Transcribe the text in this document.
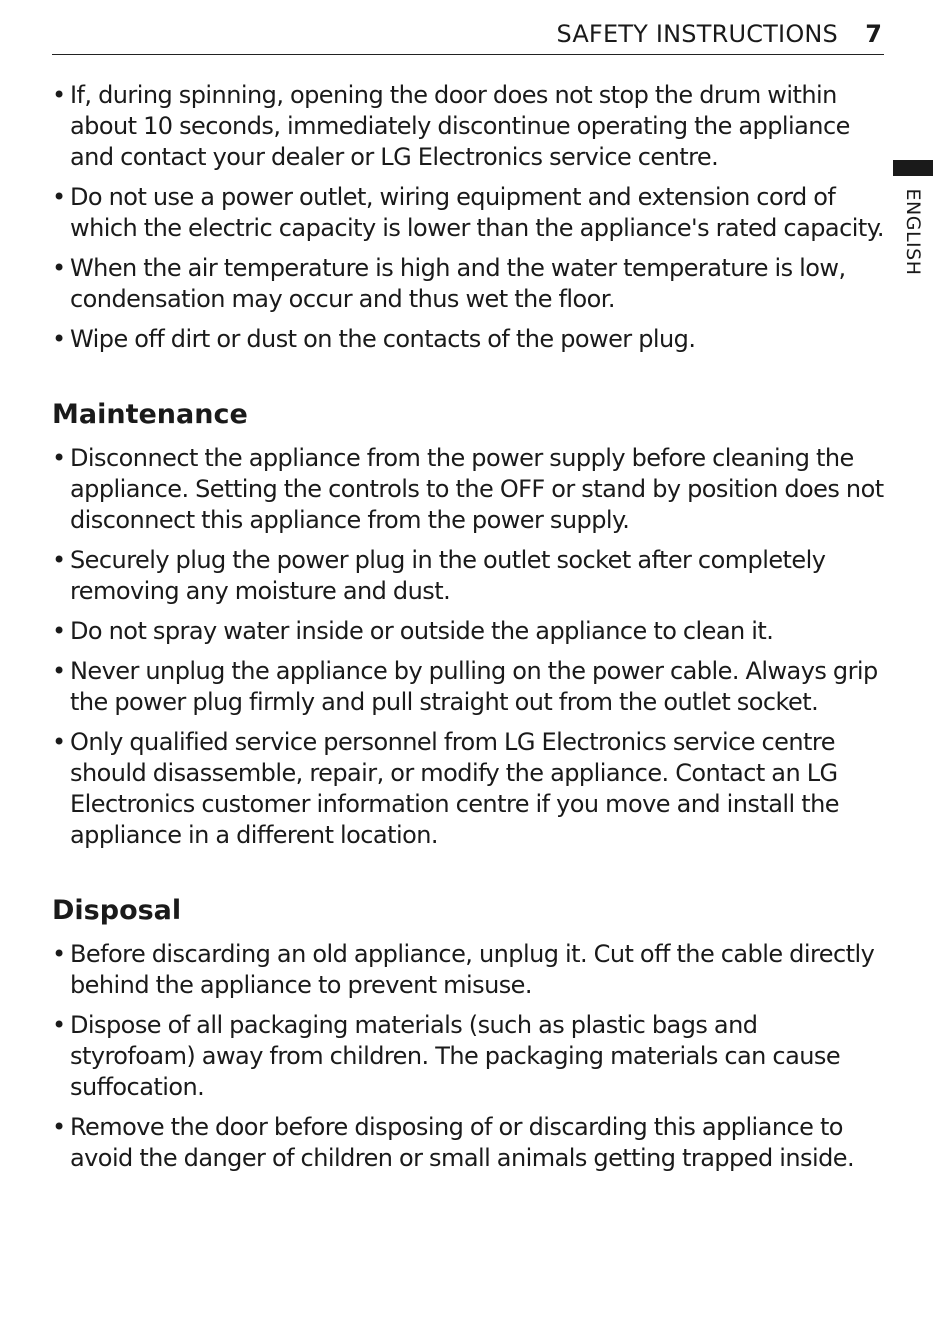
SAFETY INSTRUCTIONS 7
ENGLISH
• If, during spinning, opening the door does not stop the drum within about 10 seconds, immediately discontinue operating the appliance and contact your dealer or LG Electronics service centre.
• Do not use a power outlet, wiring equipment and extension cord of which the electric capacity is lower than the appliance's rated capacity.
• When the air temperature is high and the water temperature is low, condensation may occur and thus wet the floor.
• Wipe off dirt or dust on the contacts of the power plug.
Maintenance
• Disconnect the appliance from the power supply before cleaning the appliance. Setting the controls to the OFF or stand by position does not disconnect this appliance from the power supply.
• Securely plug the power plug in the outlet socket after completely removing any moisture and dust.
• Do not spray water inside or outside the appliance to clean it.
• Never unplug the appliance by pulling on the power cable. Always grip the power plug firmly and pull straight out from the outlet socket.
• Only qualified service personnel from LG Electronics service centre should disassemble, repair, or modify the appliance. Contact an LG Electronics customer information centre if you move and install the appliance in a different location.
Disposal
• Before discarding an old appliance, unplug it. Cut off the cable directly behind the appliance to prevent misuse.
• Dispose of all packaging materials (such as plastic bags and styrofoam) away from children. The packaging materials can cause suffocation.
• Remove the door before disposing of or discarding this appliance to avoid the danger of children or small animals getting trapped inside.
